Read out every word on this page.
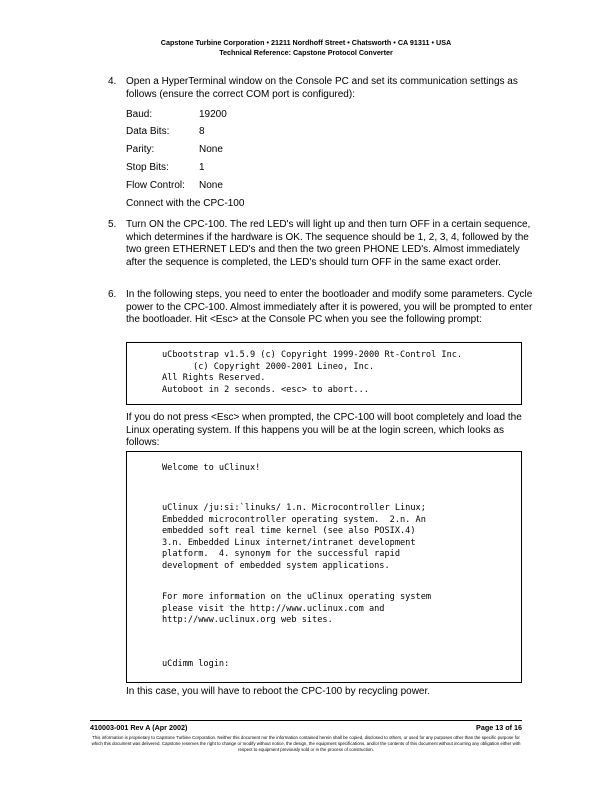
Capstone Turbine Corporation • 21211 Nordhoff Street • Chatsworth • CA 91311 • USA
Technical Reference: Capstone Protocol Converter
4. Open a HyperTerminal window on the Console PC and set its communication settings as follows (ensure the correct COM port is configured):
Baud:	19200
Data Bits:	8
Parity:	None
Stop Bits:	1
Flow Control: None
Connect with the CPC-100
5. Turn ON the CPC-100. The red LED's will light up and then turn OFF in a certain sequence, which determines if the hardware is OK. The sequence should be 1, 2, 3, 4, followed by the two green ETHERNET LED's and then the two green PHONE LED's. Almost immediately after the sequence is completed, the LED's should turn OFF in the same exact order.
6. In the following steps, you need to enter the bootloader and modify some parameters. Cycle power to the CPC-100. Almost immediately after it is powered, you will be prompted to enter the bootloader. Hit <Esc> at the Console PC when you see the following prompt:
uCbootstrap v1.5.9 (c) Copyright 1999-2000 Rt-Control Inc.
(c) Copyright 2000-2001 Lineo, Inc.
All Rights Reserved.
Autoboot in 2 seconds. <esc> to abort...
If you do not press <Esc> when prompted, the CPC-100 will boot completely and load the Linux operating system. If this happens you will be at the login screen, which looks as follows:
Welcome to uClinux!
uClinux /ju:si:`linuks/ 1.n. Microcontroller Linux;
Embedded microcontroller operating system.  2.n. An
embedded soft real time kernel (see also POSIX.4)
3.n. Embedded Linux internet/intranet development
platform.  4. synonym for the successful rapid
development of embedded system applications.
For more information on the uClinux operating system
please visit the http://www.uclinux.com and
http://www.uclinux.org web sites.
uCdimm login:
In this case, you will have to reboot the CPC-100 by recycling power.
410003-001 Rev A (Apr 2002)	Page 13 of 16
This information is proprietary to Capstone Turbine Corporation. Neither this document nor the information contained herein shall be copied, disclosed to others, or used for any purposes other than the specific purpose for which this document was delivered. Capstone reserves the right to change or modify without notice, the design, the equipment specifications, and/or the contents of this document without incurring any obligation either with respect to equipment previously sold or in the process of construction.
